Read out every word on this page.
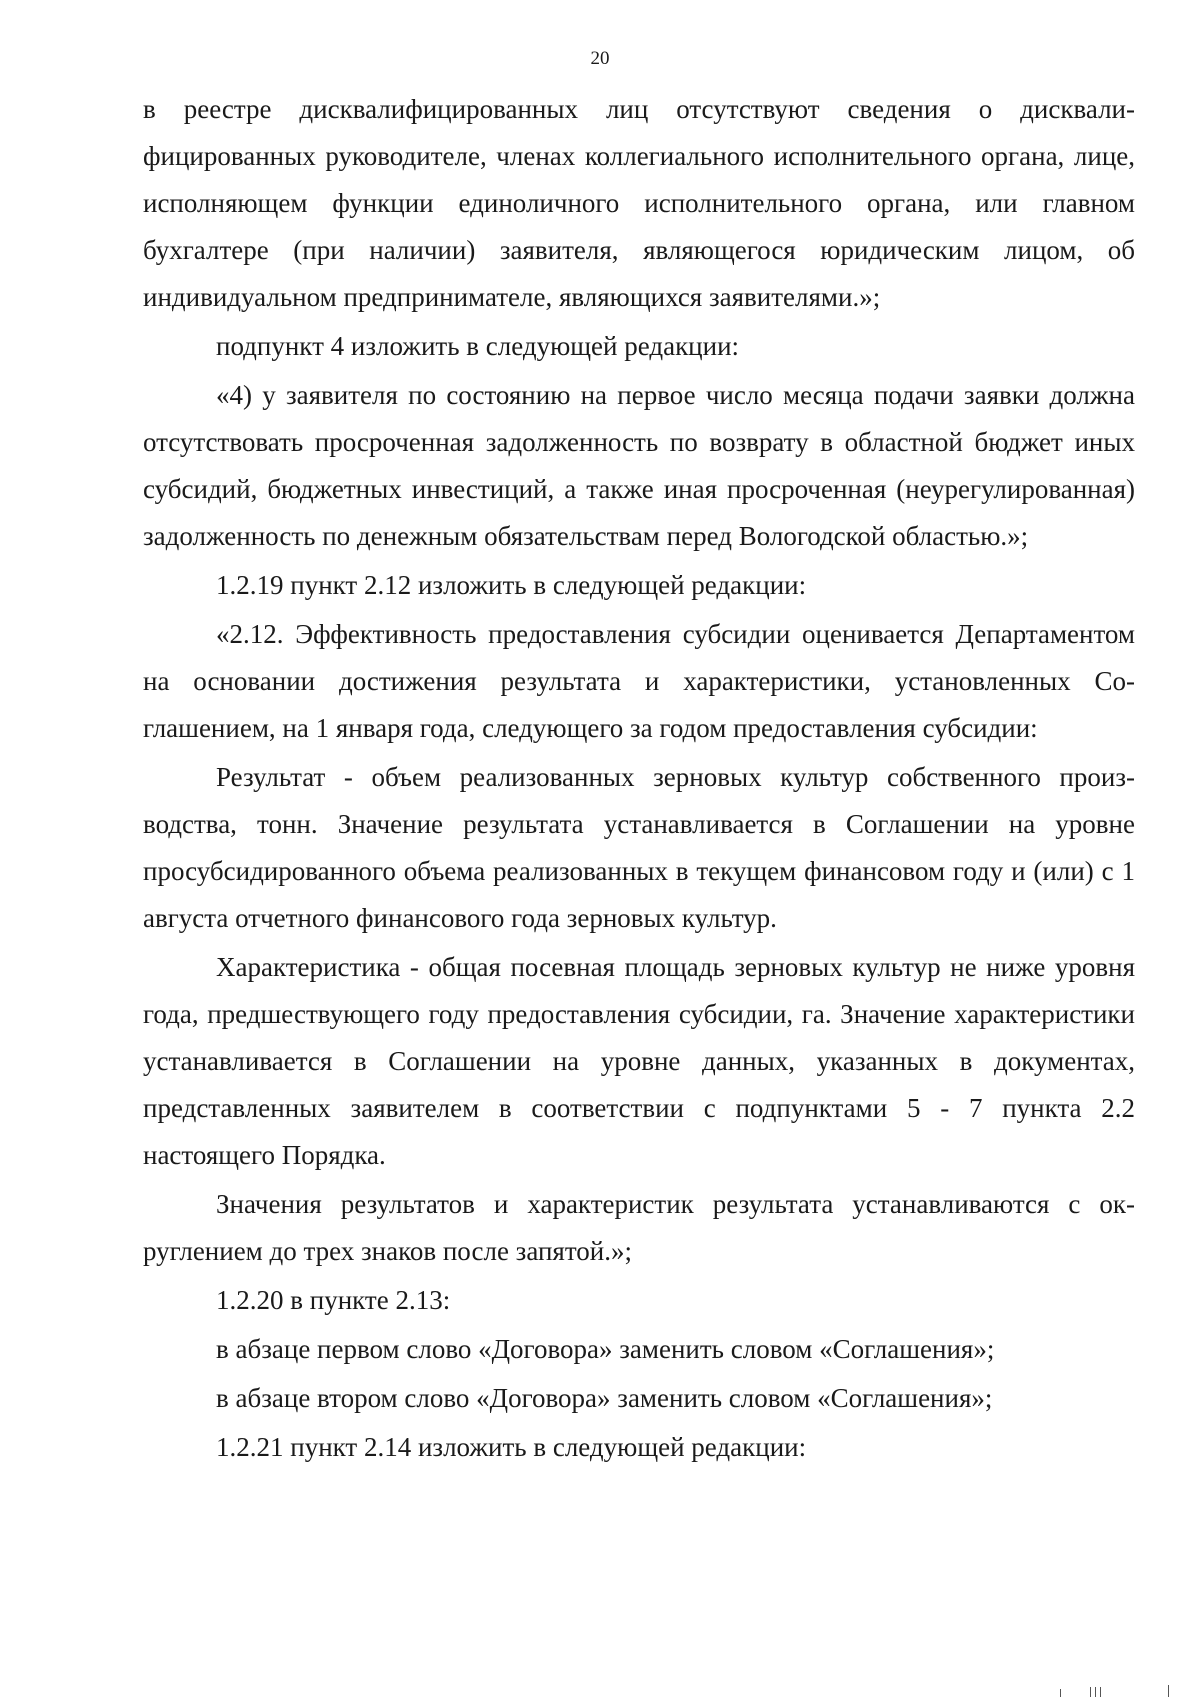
20

в реестре дисквалифицированных лиц отсутствуют сведения о дисквалифицированных руководителе, членах коллегиального исполнительного органа, лице, исполняющем функции единоличного исполнительного органа, или главном бухгалтере (при наличии) заявителя, являющегося юридическим лицом, об индивидуальном предпринимателе, являющихся заявителями.»;

подпункт 4 изложить в следующей редакции:

«4) у заявителя по состоянию на первое число месяца подачи заявки должна отсутствовать просроченная задолженность по возврату в областной бюджет иных субсидий, бюджетных инвестиций, а также иная просроченная (неурегулированная) задолженность по денежным обязательствам перед Вологодской областью.»;

1.2.19 пункт 2.12 изложить в следующей редакции:

«2.12. Эффективность предоставления субсидии оценивается Департаментом на основании достижения результата и характеристики, установленных Соглашением, на 1 января года, следующего за годом предоставления субсидии:

Результат - объем реализованных зерновых культур собственного производства, тонн. Значение результата устанавливается в Соглашении на уровне просубсидированного объема реализованных в текущем финансовом году и (или) с 1 августа отчетного финансового года зерновых культур.

Характеристика - общая посевная площадь зерновых культур не ниже уровня года, предшествующего году предоставления субсидии, га. Значение характеристики устанавливается в Соглашении на уровне данных, указанных в документах, представленных заявителем в соответствии с подпунктами 5 - 7 пункта 2.2 настоящего Порядка.

Значения результатов и характеристик результата устанавливаются с округлением до трех знаков после запятой.»;

1.2.20 в пункте 2.13:

в абзаце первом слово «Договора» заменить словом «Соглашения»;

в абзаце втором слово «Договора» заменить словом «Соглашения»;

1.2.21 пункт 2.14 изложить в следующей редакции:
